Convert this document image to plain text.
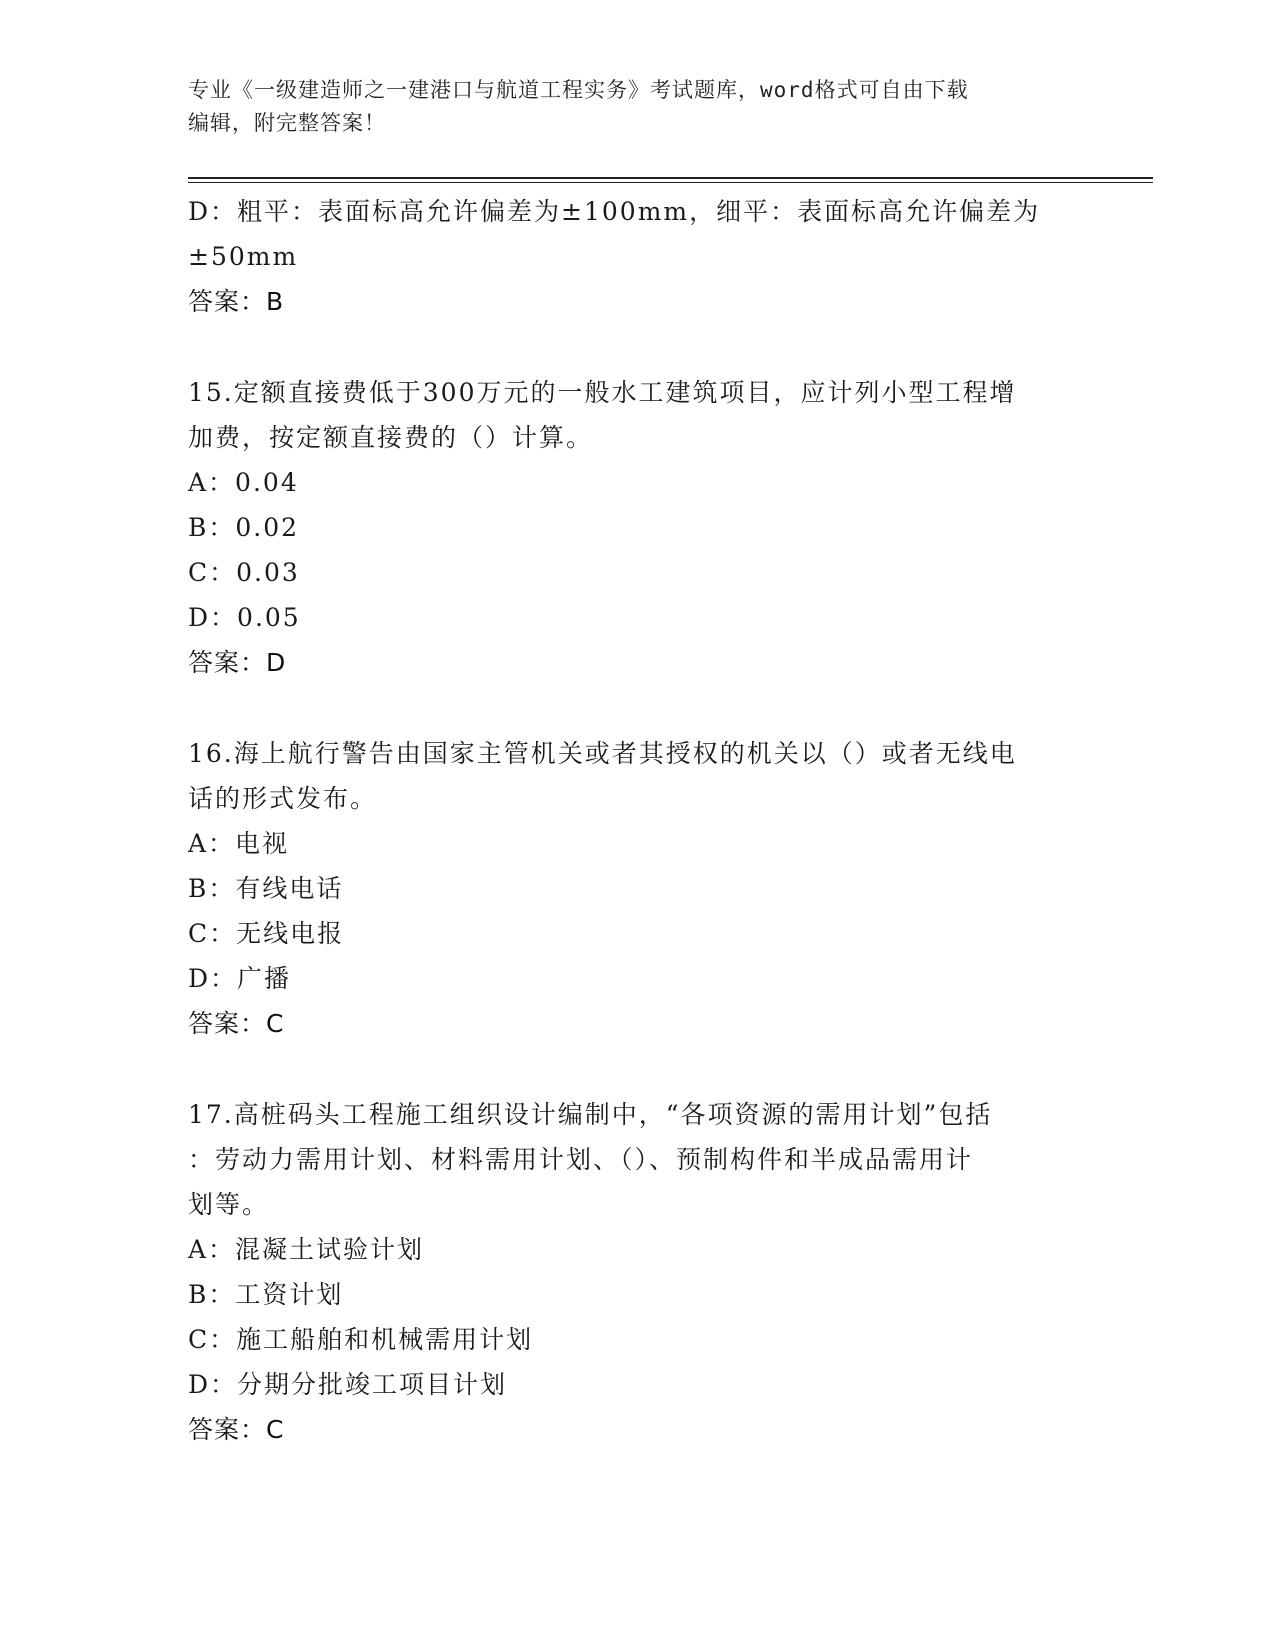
专业《一级建造师之一建港口与航道工程实务》考试题库，word格式可自由下载
编辑，附完整答案！
D：粗平：表面标高允许偏差为±100mm，细平：表面标高允许偏差为
±50mm
答案：B
15.定额直接费低于300万元的一般水工建筑项目，应计列小型工程增
加费，按定额直接费的（）计算。
A：0.04
B：0.02
C：0.03
D：0.05
答案：D
16.海上航行警告由国家主管机关或者其授权的机关以（）或者无线电
话的形式发布。
A：电视
B：有线电话
C：无线电报
D：广播
答案：C
17.高桩码头工程施工组织设计编制中，“各项资源的需用计划”包括
：劳动力需用计划、材料需用计划、（）、预制构件和半成品需用计
划等。
A：混凝土试验计划
B：工资计划
C：施工船舶和机械需用计划
D：分期分批竣工项目计划
答案：C
